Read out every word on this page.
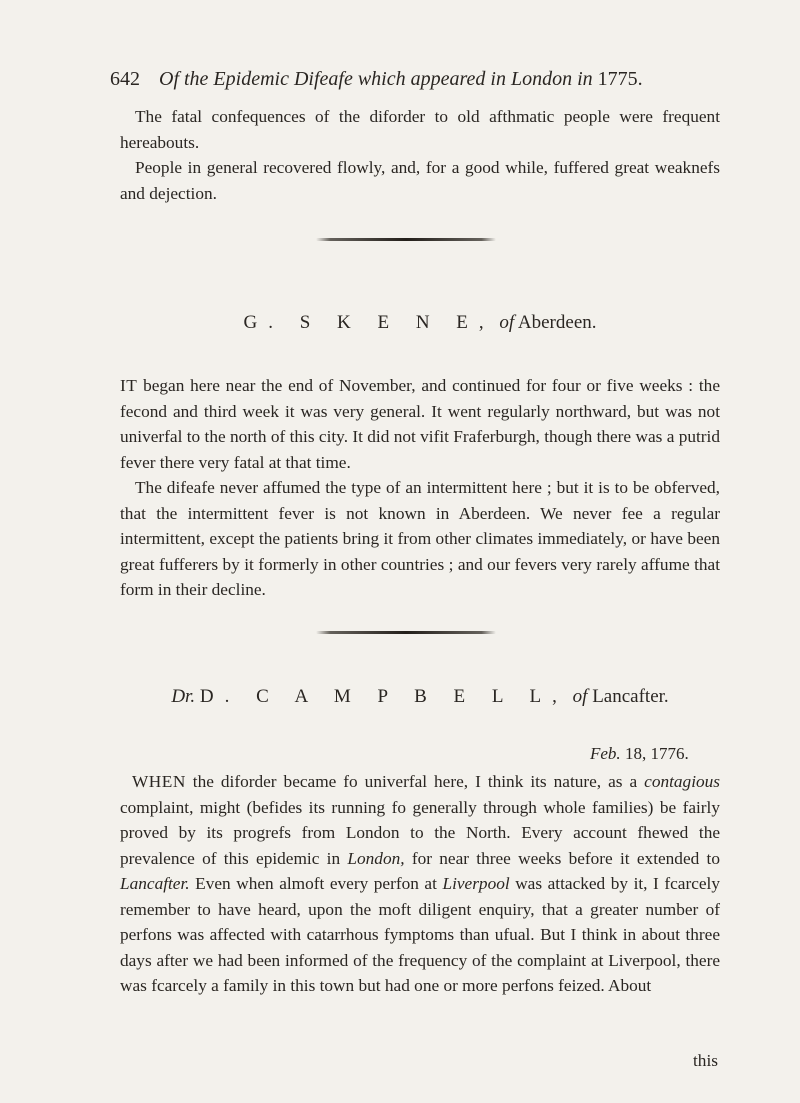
642 Of the Epidemic Difeafe which appeared in London in 1775.

The fatal confequences of the diforder to old afthmatic people were frequent hereabouts.

People in general recovered flowly, and, for a good while, fuffered great weaknefs and dejection.

G. S K E N E, of Aberdeen.

IT began here near the end of November, and continued for four or five weeks : the fecond and third week it was very general. It went regularly northward, but was not univerfal to the north of this city. It did not vifit Fraferburgh, though there was a putrid fever there very fatal at that time.

The difeafe never affumed the type of an intermittent here ; but it is to be obferved, that the intermittent fever is not known in Aberdeen. We never fee a regular intermittent, except the patients bring it from other climates immediately, or have been great fufferers by it formerly in other countries ; and our fevers very rarely affume that form in their decline.

Dr. D. C A M P B E L L, of Lancafter.
Feb. 18, 1776.

WHEN the diforder became fo univerfal here, I think its nature, as a contagious complaint, might (befides its running fo generally through whole families) be fairly proved by its progrefs from London to the North. Every account fhewed the prevalence of this epidemic in London, for near three weeks before it extended to Lancafter. Even when almoft every perfon at Liverpool was attacked by it, I fcarcely remember to have heard, upon the moft diligent enquiry, that a greater number of perfons was affected with catarrhous fymptoms than ufual. But I think in about three days after we had been informed of the frequency of the complaint at Liverpool, there was fcarcely a family in this town but had one or more perfons feized. About

this
